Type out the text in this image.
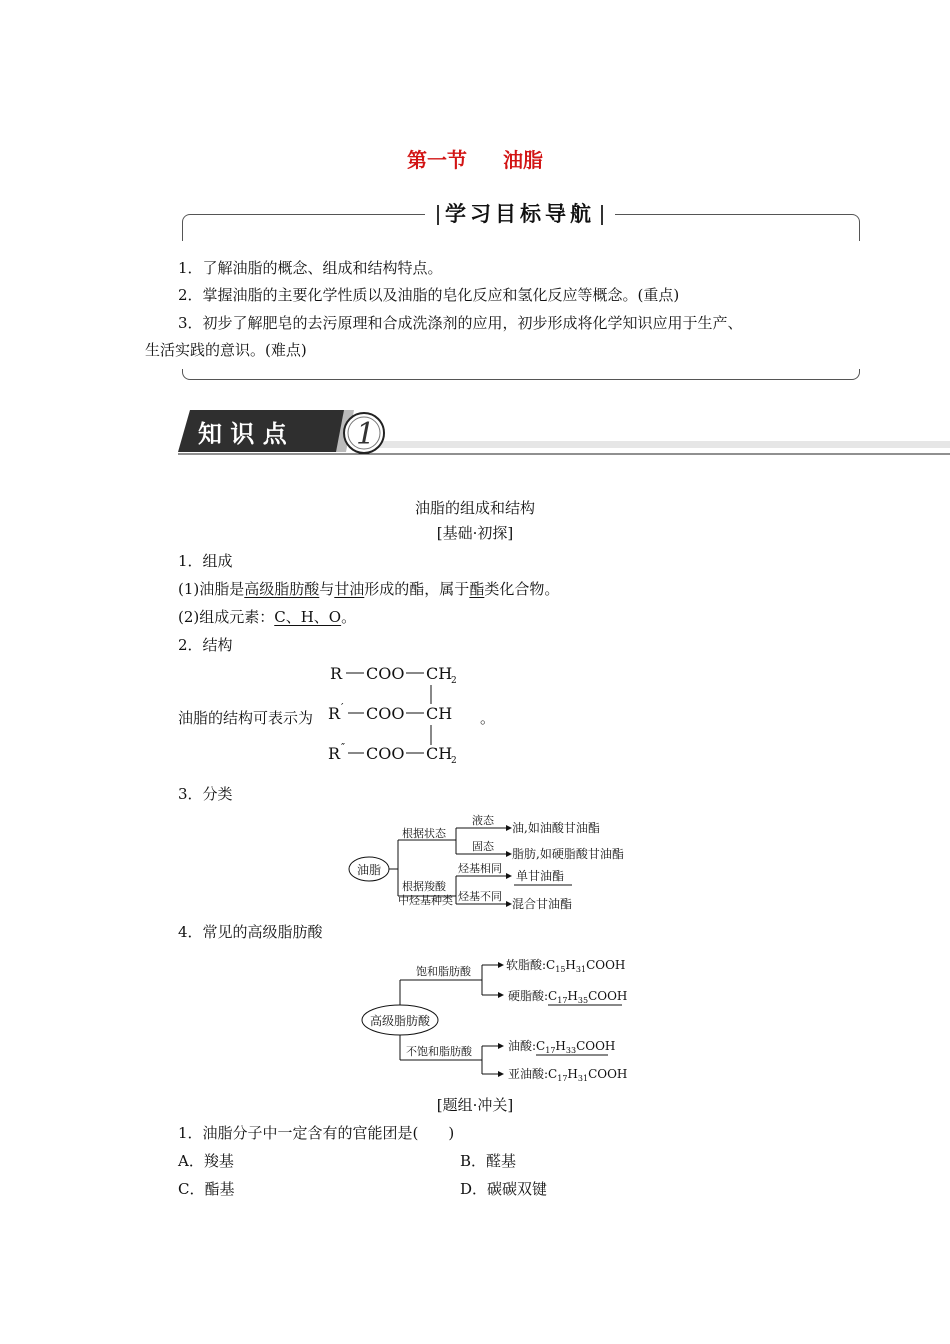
第一节 油脂
学习目标导航
1．了解油脂的概念、组成和结构特点。
2．掌握油脂的主要化学性质以及油脂的皂化反应和氢化反应等概念。(重点)
3．初步了解肥皂的去污原理和合成洗涤剂的应用，初步形成将化学知识应用于生产、
生活实践的意识。(难点)
知 识 点 1
油脂的组成和结构
[基础·初探]
1．组成
(1)油脂是高级脂肪酸与甘油形成的酯，属于酯类化合物。
(2)组成元素：C、H、O。
2．结构
油脂的结构可表示为
R COO CH
2
R ′ COO CH
R ″ COO CH
2
。
3．分类
油脂
根据状态
根据羧酸
中烃基种类
液态
固态
油,如油酸甘油酯
脂肪,如硬脂酸甘油酯
烃基相同
烃基不同
单甘油酯
混合甘油酯
4．常见的高级脂肪酸
高级脂肪酸
饱和脂肪酸
不饱和脂肪酸
软脂酸$:C_{15}H_{31}COOH$
硬脂酸$:C_{17}H_{35}COOH$
油酸$:C_{17}H_{33}COOH$
亚油酸$:C_{17}H_{31}COOH$
[题组·冲关]
1．油脂分子中一定含有的官能团是(　　)
A．羧基	B．醛基
C．酯基	D．碳碳双键
